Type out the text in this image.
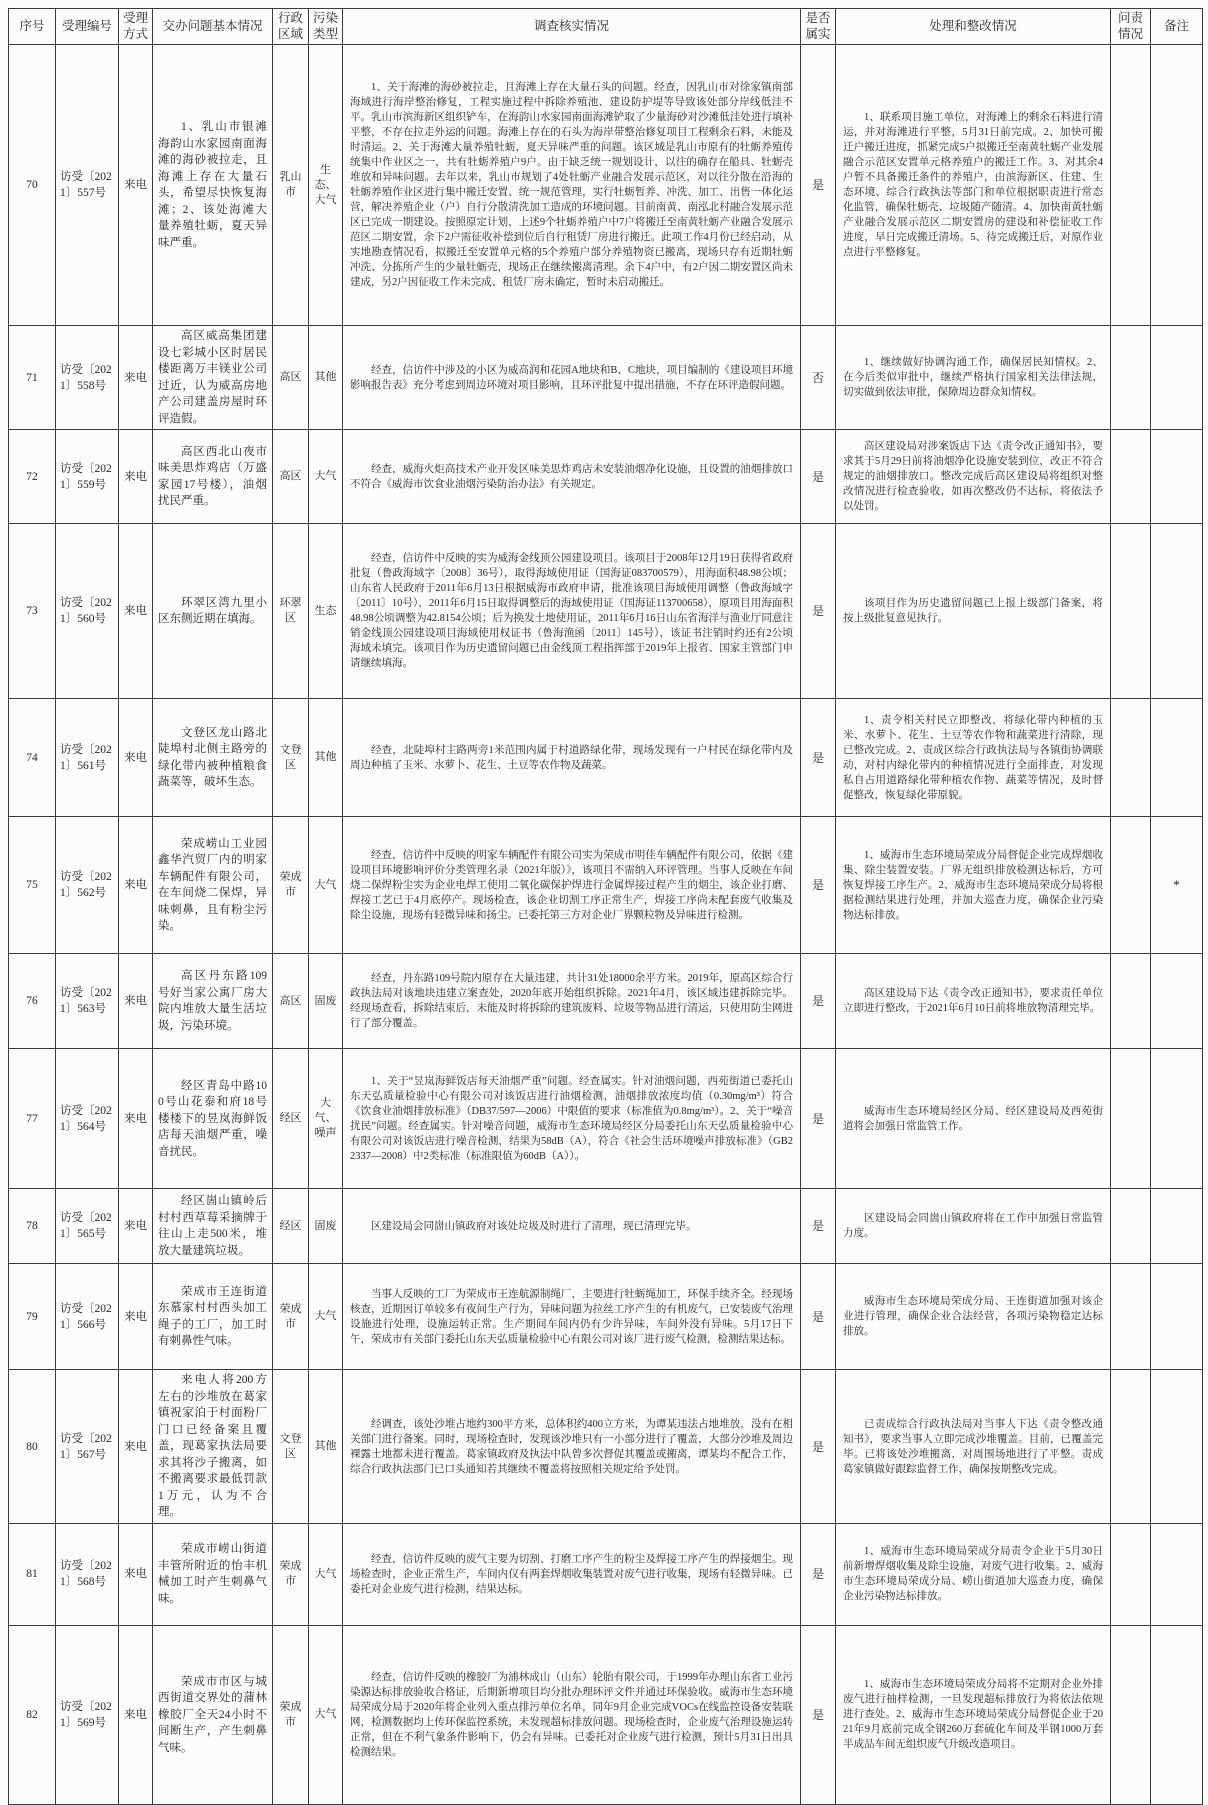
序号	受理编号	受理方式	交办问题基本情况	行政区域	污染类型	调查核实情况	是否属实	处理和整改情况	问责情况	备注
70	访受〔2021〕557号	来电	1、乳山市银滩海韵山水家园南面海滩的海砂被拉走，且海滩上存在大量石头，希望尽快恢复海滩；2、该处海滩大量养殖牡蛎，夏天异味严重。	乳山市	生态、大气	1、关于海滩的海砂被拉走，且海滩上存在大量石头的问题。经查，因乳山市对徐家镇南部海域进行海岸整治修复，工程实施过程中拆除养殖池、建设防护堤等导致该处部分岸线低洼不平。乳山市滨海新区组织铲车，在海韵山水家园南面海滩铲取了少量海砂对沙滩低洼处进行填补平整，不存在拉走外运的问题。海滩上存在的石头为海岸带整治修复项目工程剩余石料，未能及时清运。2、关于海滩大量养殖牡蛎，夏天异味严重的问题。该区域是乳山市原有的牡蛎养殖传统集中作业区之一，共有牡蛎养殖户9户。由于缺乏统一规划设计，以往的确存在船具、牡蛎壳堆放和异味问题。去年以来，乳山市规划了4处牡蛎产业融合发展示范区，对以往分散在沿海的牡蛎养殖作业区进行集中搬迁安置、统一规范管理，实行牡蛎暂养、冲洗、加工、出售一体化运营，解决养殖企业（户）自行分散清洗加工造成的环境问题。目前南黄、南泓北村融合发展示范区已完成一期建设。按照原定计划，上述9个牡蛎养殖户中7户将搬迁至南黄牡蛎产业融合发展示范区二期安置，余下2户需征收补偿到位后自行租赁厂房进行搬迁。此项工作4月份已经启动，从实地勘查情况看，拟搬迁至安置单元格的5个养殖户部分养殖物资已搬离，现场只存有近期牡蛎冲洗、分拣所产生的少量牡蛎壳，现场正在继续搬离清理。余下4户中，有2户因二期安置区尚未建成，另2户因征收工作未完成、租赁厂房未确定，暂时未启动搬迁。	是	1、联系项目施工单位，对海滩上的剩余石料进行清运，并对海滩进行平整，5月31日前完成。2、加快可搬迁户搬迁进度，抓紧完成5户拟搬迁至南黄牡蛎产业发展融合示范区安置单元格养殖户的搬迁工作。3、对其余4户暂不具备搬迁条件的养殖户，由滨海新区、住建、生态环境、综合行政执法等部门和单位根据职责进行常态化监管，确保牡蛎壳、垃圾随产随清。4、加快南黄牡蛎产业融合发展示范区二期安置房的建设和补偿征收工作进度，早日完成搬迁清场。5、待完成搬迁后，对原作业点进行平整修复。		
71	访受〔2021〕558号	来电	高区威高集团建设七彩城小区时居民楼距离万丰镁业公司过近，认为威高房地产公司建盖房屋时环评造假。	高区	其他	经查，信访件中涉及的小区为威高润和花园A地块和B、C地块，项目编制的《建设项目环境影响报告表》充分考虑到周边环境对项目影响，且环评批复中提出措施，不存在环评造假问题。	否	1、继续做好协调沟通工作，确保居民知情权。2、在今后类似审批中，继续严格执行国家相关法律法规，切实做到依法审批，保障周边群众知情权。		
72	访受〔2021〕559号	来电	高区西北山夜市味美思炸鸡店（万盛家园17号楼），油烟扰民严重。	高区	大气	经查，威海火炬高技术产业开发区味美思炸鸡店未安装油烟净化设施，且设置的油烟排放口不符合《威海市饮食业油烟污染防治办法》有关规定。	是	高区建设局对涉案饭店下达《责令改正通知书》，要求其于5月29日前将油烟净化设施安装到位，改正不符合规定的油烟排放口。整改完成后高区建设局将组织对整改情况进行检查验收，如再次整改仍不达标，将依法予以处罚。		
73	访受〔2021〕560号	来电	环翠区湾九里小区东侧近期在填海。	环翠区	生态	经查，信访件中反映的实为威海金线顶公园建设项目。该项目于2008年12月19日获得省政府批复（鲁政海域字〔2008〕36号），取得海域使用证（国海证083700579），用海面积48.98公顷；山东省人民政府于2011年6月13日根据威海市政府申请，批准该项目海域使用调整（鲁政海域字〔2011〕10号），2011年6月15日取得调整后的海域使用证（国海证113700658），原项目用海面积48.98公顷调整为42.8154公顷；后为换发土地使用证，2011年6月16日山东省海洋与渔业厅同意注销金线顶公园建设项目海域使用权证书（鲁海渔函〔2011〕145号），该证书注销时约还有2公顷海域未填完。该项目作为历史遗留问题已由金线顶工程指挥部于2019年上报省、国家主管部门申请继续填海。	是	该项目作为历史遗留问题已上报上级部门备案，将按上级批复意见执行。		
74	访受〔2021〕561号	来电	文登区龙山路北陡埠村北侧主路旁的绿化带内被种植粮食蔬菜等，破坏生态。	文登区	其他	经查，北陡埠村主路两旁1米范围内属于村道路绿化带，现场发现有一户村民在绿化带内及周边种植了玉米、水萝卜、花生、土豆等农作物及蔬菜。	是	1、责令相关村民立即整改，将绿化带内种植的玉米、水萝卜、花生、土豆等农作物和蔬菜进行清除，现已整改完成。2、责成区综合行政执法局与各镇街协调联动，对村内绿化带内的种植情况进行全面排查，对发现私自占用道路绿化带种植农作物、蔬菜等情况，及时督促整改，恢复绿化带原貌。		
75	访受〔2021〕562号	来电	荣成崂山工业园鑫华汽贸厂内的明家车辆配件有限公司，在车间烧二保焊，异味刺鼻，且有粉尘污染。	荣成市	大气	经查，信访件中反映的明家车辆配件有限公司实为荣成市明佳车辆配件有限公司，依据《建设项目环境影响评价分类管理名录（2021年版）》，该项目不需纳入环评管理。当事人反映在车间烧二保焊粉尘实为企业电焊工使用二氧化碳保护焊进行金属焊接过程产生的烟尘，该企业打磨、焊接工艺已于4月底停产。现场检查，该企业切割工序正常生产，焊接工序尚未配套废气收集及除尘设施，现场有轻微异味和扬尘。已委托第三方对企业厂界颗粒物及异味进行检测。	是	1、威海市生态环境局荣成分局督促企业完成焊烟收集、除尘装置安装。厂界无组织排放检测达标后，方可恢复焊接工序生产。2、威海市生态环境局荣成分局将根据检测结果进行处理，并加大巡查力度，确保企业污染物达标排放。		*
76	访受〔2021〕563号	来电	高区丹东路109号好当家公寓厂房大院内堆放大量生活垃圾，污染环境。	高区	固废	经查，丹东路109号院内原存在大量违建，共计31处18000余平方米。2019年，原高区综合行政执法局对该地块违建立案查处，2020年底开始组织拆除。2021年4月，该区域违建拆除完毕。经现场查看，拆除结束后，未能及时将拆除的建筑废料、垃圾等物品进行清运，只使用防尘网进行了部分覆盖。	是	高区建设局下达《责令改正通知书》，要求责任单位立即进行整改，于2021年6月10日前将堆放物清理完毕。		
77	访受〔2021〕564号	来电	经区青岛中路100号山花泰和府18号楼楼下的昱岚海鲜饭店每天油烟严重，噪音扰民。	经区	大气、噪声	1、关于“昱岚海鲜饭店每天油烟严重”问题。经查属实。针对油烟问题，西苑街道已委托山东天弘质量检验中心有限公司对该饭店进行油烟检测，油烟排放浓度均值（0.30mg/m³）符合《饮食业油烟排放标准》（DB37/597—2006）中限值的要求（标准值为0.8mg/m³）。2、关于“噪音扰民”问题。经查属实。针对噪音问题，威海市生态环境局经区分局委托山东天弘质量检验中心有限公司对该饭店进行噪音检测，结果为58dB（A），符合《社会生活环境噪声排放标准》（GB22337—2008）中2类标准（标准限值为60dB（A））。	是	威海市生态环境局经区分局、经区建设局及西苑街道将会加强日常监管工作。		
78	访受〔2021〕565号	来电	经区崮山镇岭后村村西草莓采摘牌于往山上走500米，堆放大量建筑垃圾。	经区	固废	区建设局会同崮山镇政府对该处垃圾及时进行了清理，现已清理完毕。	是	区建设局会同崮山镇政府将在工作中加强日常监管力度。		
79	访受〔2021〕566号	来电	荣成市王连街道东慕家村村西头加工绳子的工厂，加工时有刺鼻性气味。	荣成市	大气	当事人反映的工厂为荣成市王连航源制绳厂，主要进行牡蛎绳加工，环保手续齐全。经现场核查，近期因订单较多有夜间生产行为，异味问题为拉丝工序产生的有机废气，已安装废气治理设施进行处理，设施运转正常。生产期间车间内仍有少许异味，车间外没有异味。5月17日下午，荣成市有关部门委托山东天弘质量检验中心有限公司对该厂进行废气检测，检测结果达标。	是	威海市生态环境局荣成分局、王连街道加强对该企业进行管理，确保企业合法经营，各项污染物稳定达标排放。		
80	访受〔2021〕567号	来电	来电人将200方左右的沙堆放在葛家镇祝家泊于村面粉厂门口已经备案且覆盖，现葛家执法局要求其将沙子搬离，如不搬离要求最低罚款1万元，认为不合理。	文登区	其他	经调查，该处沙堆占地约300平方米，总体积约400立方米，为谭某违法占地堆放，没有在相关部门进行备案。同时，现场检查时，发现该沙堆只有一小部分进行了覆盖，大部分沙堆及周边裸露土地都未进行覆盖。葛家镇政府及执法中队曾多次督促其覆盖或搬离，谭某均不配合工作，综合行政执法部门已口头通知若其继续不覆盖将按照相关规定给予处罚。	是	已责成综合行政执法局对当事人下达《责令整改通知书》，要求当事人立即完成沙堆覆盖。目前，已覆盖完毕。已将该处沙堆搬离，对周围场地进行了平整。责成葛家镇做好跟踪监督工作，确保按期整改完成。		
81	访受〔2021〕568号	来电	荣成市崂山街道丰管所附近的怡丰机械加工时产生刺鼻气味。	荣成市	大气	经查，信访件反映的废气主要为切割、打磨工序产生的粉尘及焊接工序产生的焊接烟尘。现场检查时，企业正常生产，车间内仅有两套焊烟收集装置对废气进行收集，现场有轻微异味。已委托对企业废气进行检测，结果达标。	是	1、威海市生态环境局荣成分局责令企业于5月30日前新增焊烟收集及除尘设施，对废气进行收集。2、威海市生态环境局荣成分局、崂山街道加大巡查力度，确保企业污染物达标排放。		
82	访受〔2021〕569号	来电	荣成市市区与城西街道交界处的蒲林橡胶厂全天24小时不间断生产，产生刺鼻气味。	荣成市	大气	经查，信访件反映的橡胶厂为浦林成山（山东）轮胎有限公司，于1999年办理山东省工业污染源达标排放验收合格证，后期新增项目均分批办理环评文件并通过环保验收。威海市生态环境局荣成分局于2020年将企业列入重点排污单位名单，同年9月企业完成VOCs在线监控设备安装联网，检测数据均上传环保监控系统，未发现超标排放问题。现场检查时，企业废气治理设施运转正常，但在不利气象条件影响下，仍会有异味。已委托对企业废气进行检测，预计5月31日出具检测结果。	是	1、威海市生态环境局荣成分局将不定期对企业外排废气进行抽样检测，一旦发现超标排放行为将依法依规进行查处。2、威海市生态环境局荣成分局督促企业于2021年9月底前完成全钢260万套硫化车间及半钢1000万套半成品车间无组织废气升级改造项目。		
